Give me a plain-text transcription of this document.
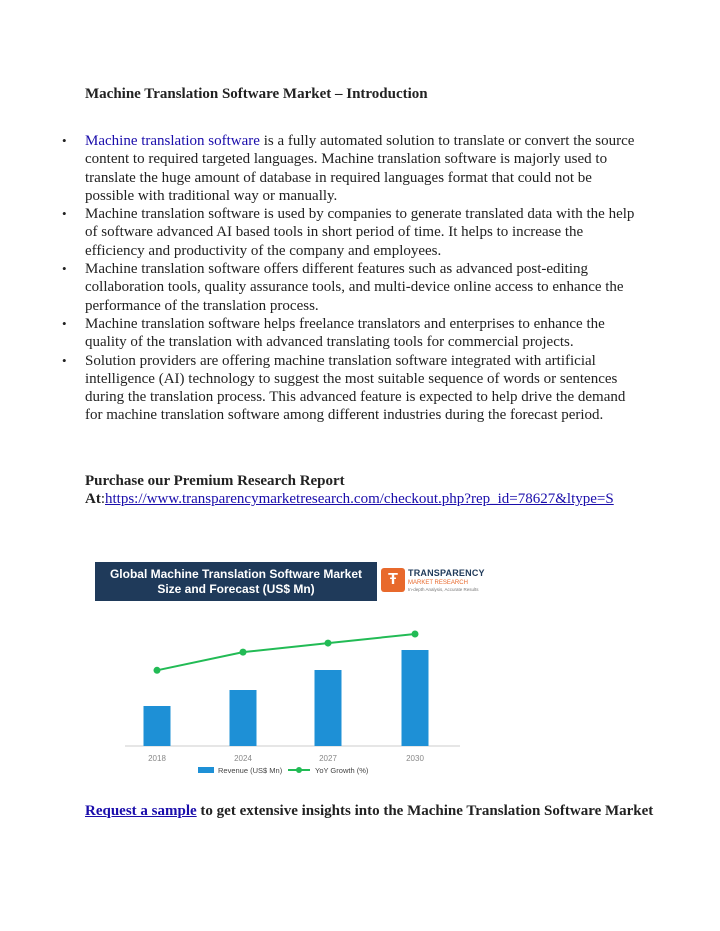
Machine Translation Software Market – Introduction
• Machine translation software is a fully automated solution to translate or convert the source content to required targeted languages. Machine translation software is majorly used to translate the huge amount of database in required languages format that could not be possible with traditional way or manually.
• Machine translation software is used by companies to generate translated data with the help of software advanced AI based tools in short period of time. It helps to increase the efficiency and productivity of the company and employees.
• Machine translation software offers different features such as advanced post-editing collaboration tools, quality assurance tools, and multi-device online access to enhance the performance of the translation process.
• Machine translation software helps freelance translators and enterprises to enhance the quality of the translation with advanced translating tools for commercial projects.
• Solution providers are offering machine translation software integrated with artificial intelligence (AI) technology to suggest the most suitable sequence of words or sentences during the translation process. This advanced feature is expected to help drive the demand for machine translation software among different industries during the forecast period.
Purchase our Premium Research Report
At:https://www.transparencymarketresearch.com/checkout.php?rep_id=78627&ltype=S
Global Machine Translation Software Market
Size and Forecast (US$ Mn)
Ŧ	TRANSPARENCY
MARKET RESEARCH
In-depth Analysis, Accurate Results
2018	2024	2027	2030
Revenue (US$ Mn)	YoY Growth (%)
Request a sample to get extensive insights into the Machine Translation Software Market
